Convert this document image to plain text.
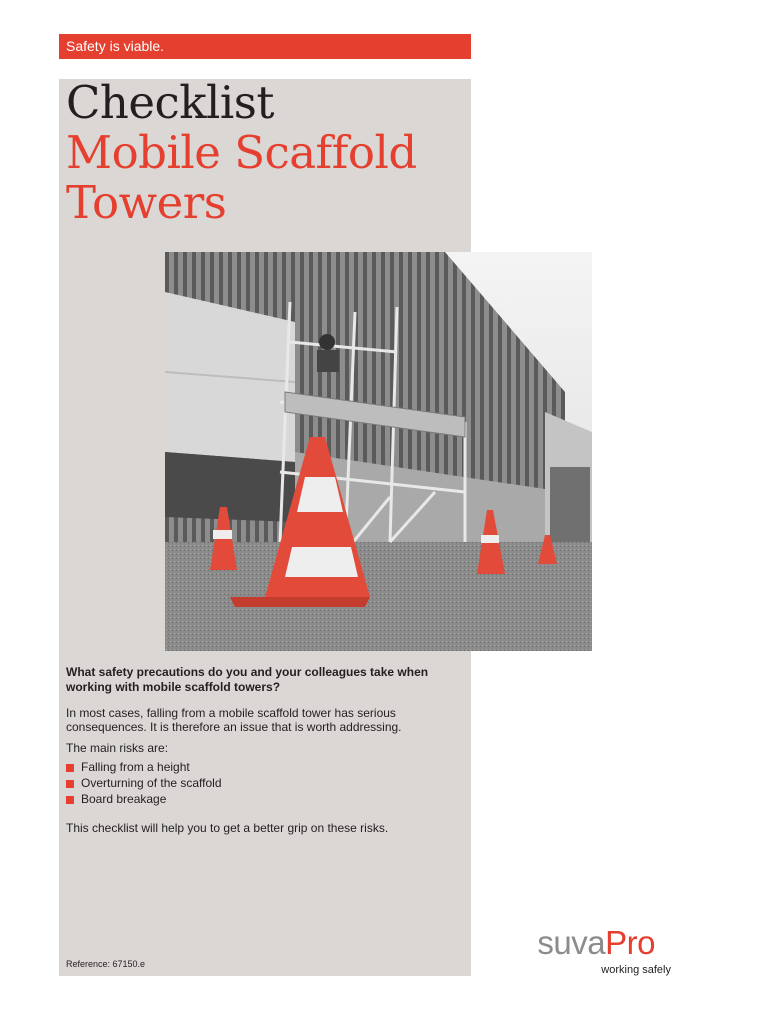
Safety is viable.
Checklist
Mobile Scaffold
Towers

What safety precautions do you and your colleagues take when working with mobile scaffold towers?

In most cases, falling from a mobile scaffold tower has serious consequences. It is therefore an issue that is worth addressing.

The main risks are:

Falling from a height
Overturning of the scaffold
Board breakage

This checklist will help you to get a better grip on these risks.

Reference: 67150.e
suvaPro
working safely
